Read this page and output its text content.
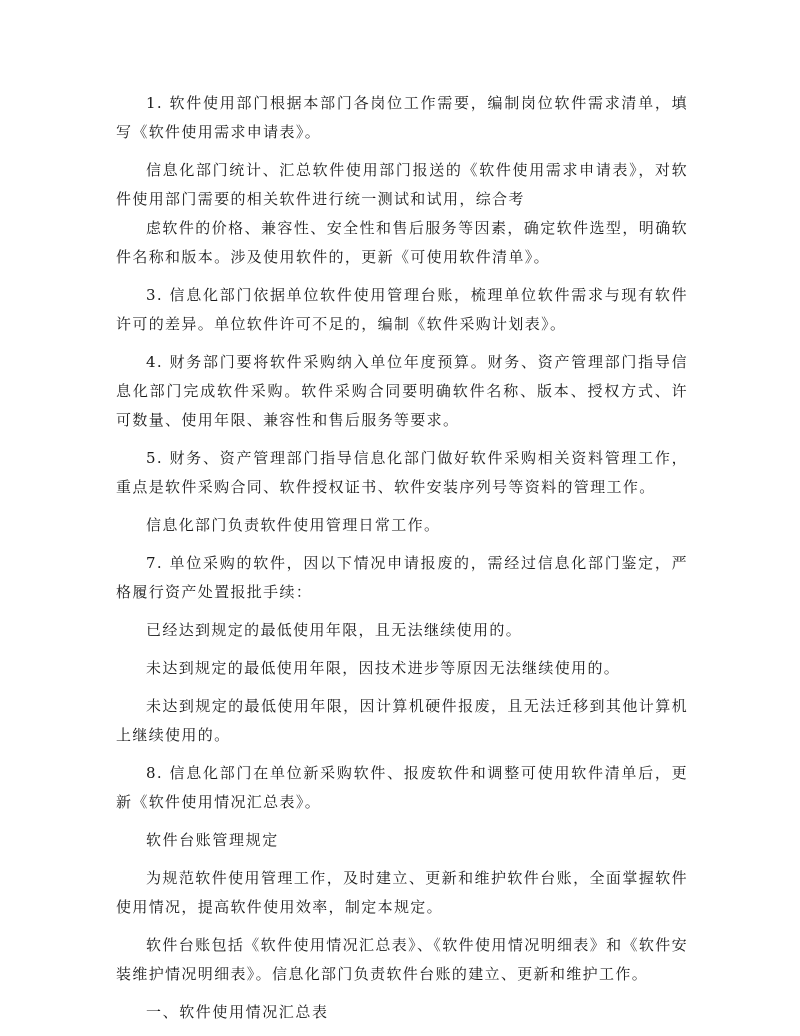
1. 软件使用部门根据本部门各岗位工作需要，编制岗位软件需求清单，填写《软件使用需求申请表》。

信息化部门统计、汇总软件使用部门报送的《软件使用需求申请表》，对软件使用部门需要的相关软件进行统一测试和试用，综合考

虑软件的价格、兼容性、安全性和售后服务等因素，确定软件选型，明确软件名称和版本。涉及使用软件的，更新《可使用软件清单》。

3. 信息化部门依据单位软件使用管理台账，梳理单位软件需求与现有软件许可的差异。单位软件许可不足的，编制《软件采购计划表》。

4. 财务部门要将软件采购纳入单位年度预算。财务、资产管理部门指导信息化部门完成软件采购。软件采购合同要明确软件名称、版本、授权方式、许可数量、使用年限、兼容性和售后服务等要求。

5. 财务、资产管理部门指导信息化部门做好软件采购相关资料管理工作，重点是软件采购合同、软件授权证书、软件安装序列号等资料的管理工作。

信息化部门负责软件使用管理日常工作。

7. 单位采购的软件，因以下情况申请报废的，需经过信息化部门鉴定，严格履行资产处置报批手续：

已经达到规定的最低使用年限，且无法继续使用的。

未达到规定的最低使用年限，因技术进步等原因无法继续使用的。

未达到规定的最低使用年限，因计算机硬件报废，且无法迁移到其他计算机上继续使用的。

8. 信息化部门在单位新采购软件、报废软件和调整可使用软件清单后，更新《软件使用情况汇总表》。

软件台账管理规定

为规范软件使用管理工作，及时建立、更新和维护软件台账，全面掌握软件使用情况，提高软件使用效率，制定本规定。

软件台账包括《软件使用情况汇总表》、《软件使用情况明细表》和《软件安装维护情况明细表》。信息化部门负责软件台账的建立、更新和维护工作。

一、软件使用情况汇总表
